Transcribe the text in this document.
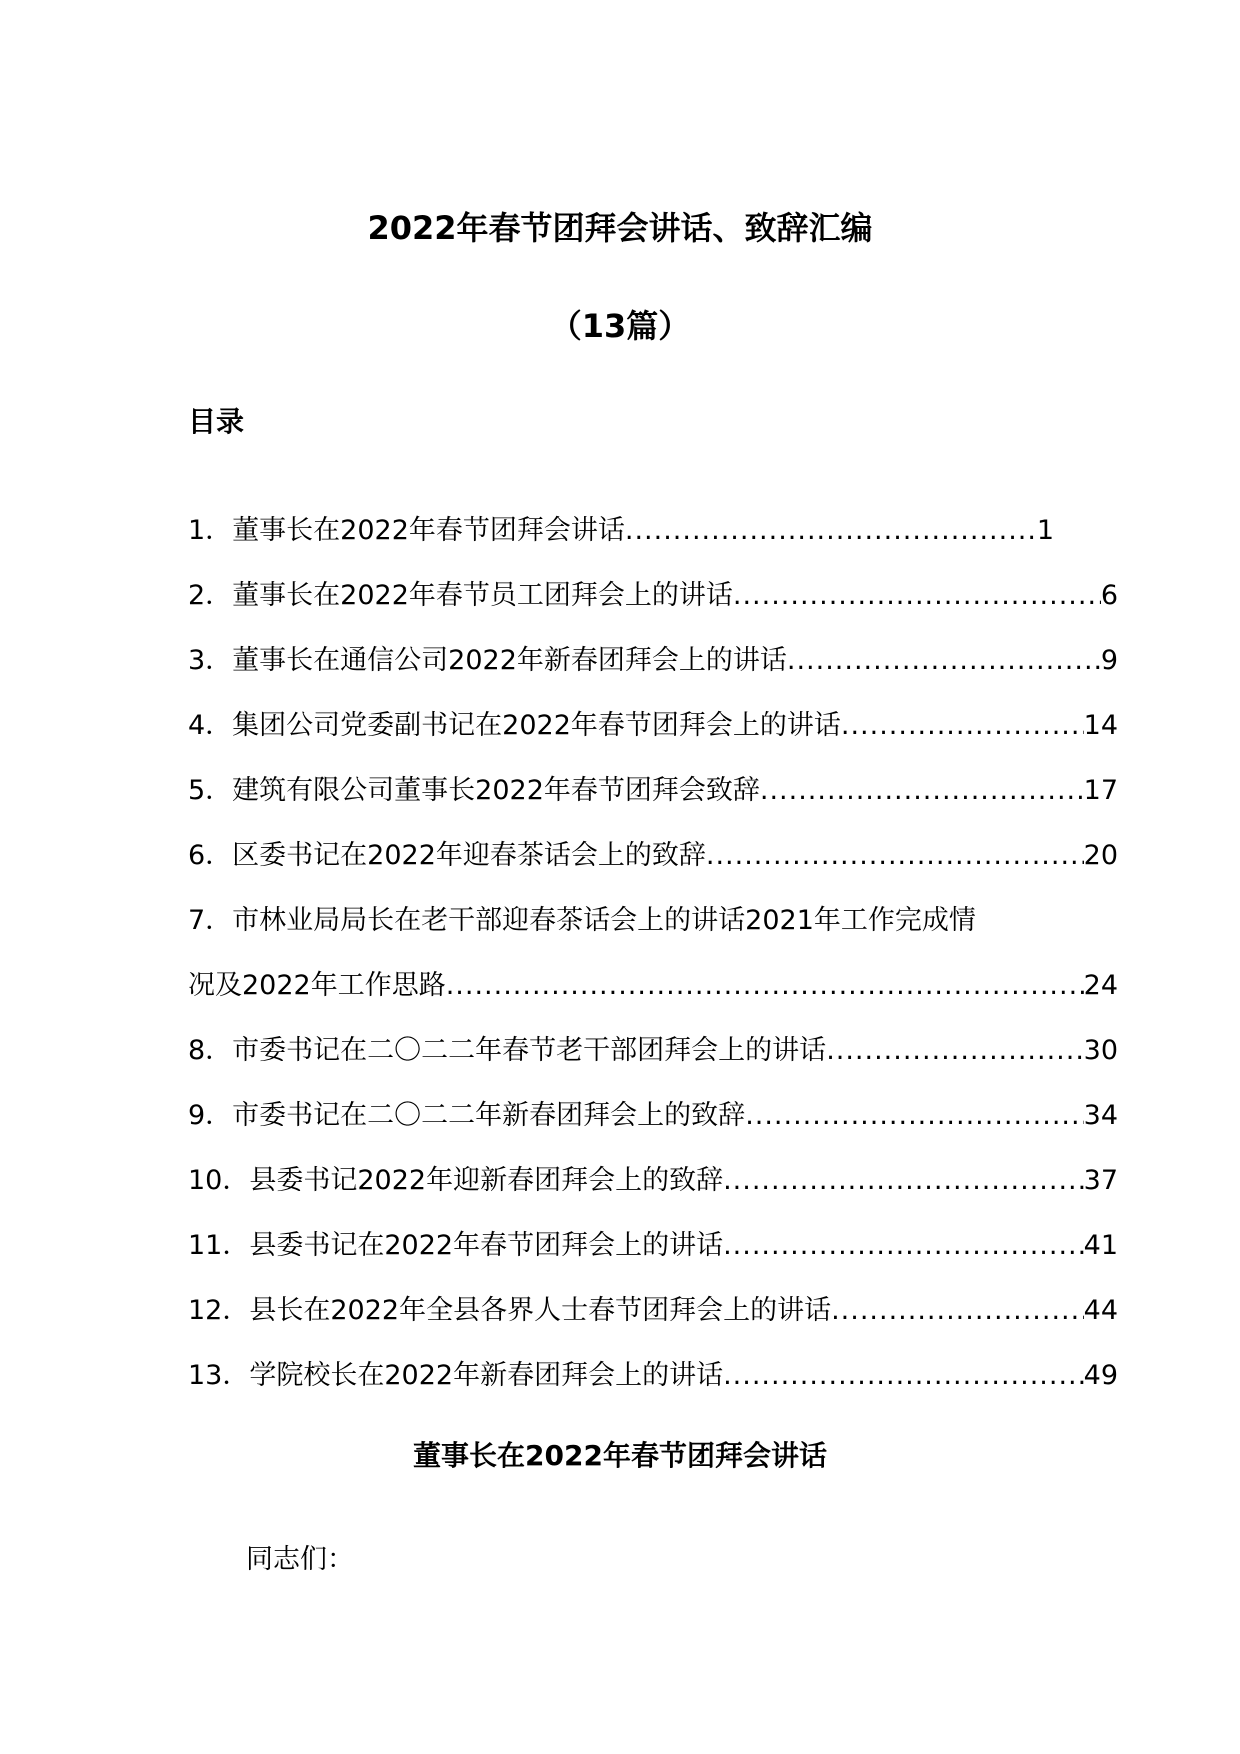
2022年春节团拜会讲话、致辞汇编
（13篇）
目录
1．董事长在2022年春节团拜会讲话 .....	1
2．董事长在2022年春节员工团拜会上的讲话 .....	6
3．董事长在通信公司2022年新春团拜会上的讲话 .....	9
4．集团公司党委副书记在2022年春节团拜会上的讲话 .....	14
5．建筑有限公司董事长2022年春节团拜会致辞 .....	17
6．区委书记在2022年迎春茶话会上的致辞 .....	20
7．市林业局局长在老干部迎春茶话会上的讲话2021年工作完成情
况及2022年工作思路 .....	24
8．市委书记在二〇二二年春节老干部团拜会上的讲话 .....	30
9．市委书记在二〇二二年新春团拜会上的致辞 .....	34
10．县委书记2022年迎新春团拜会上的致辞 .....	37
11．县委书记在2022年春节团拜会上的讲话 .....	41
12．县长在2022年全县各界人士春节团拜会上的讲话 .....	44
13．学院校长在2022年新春团拜会上的讲话 .....	49
董事长在2022年春节团拜会讲话
同志们：
